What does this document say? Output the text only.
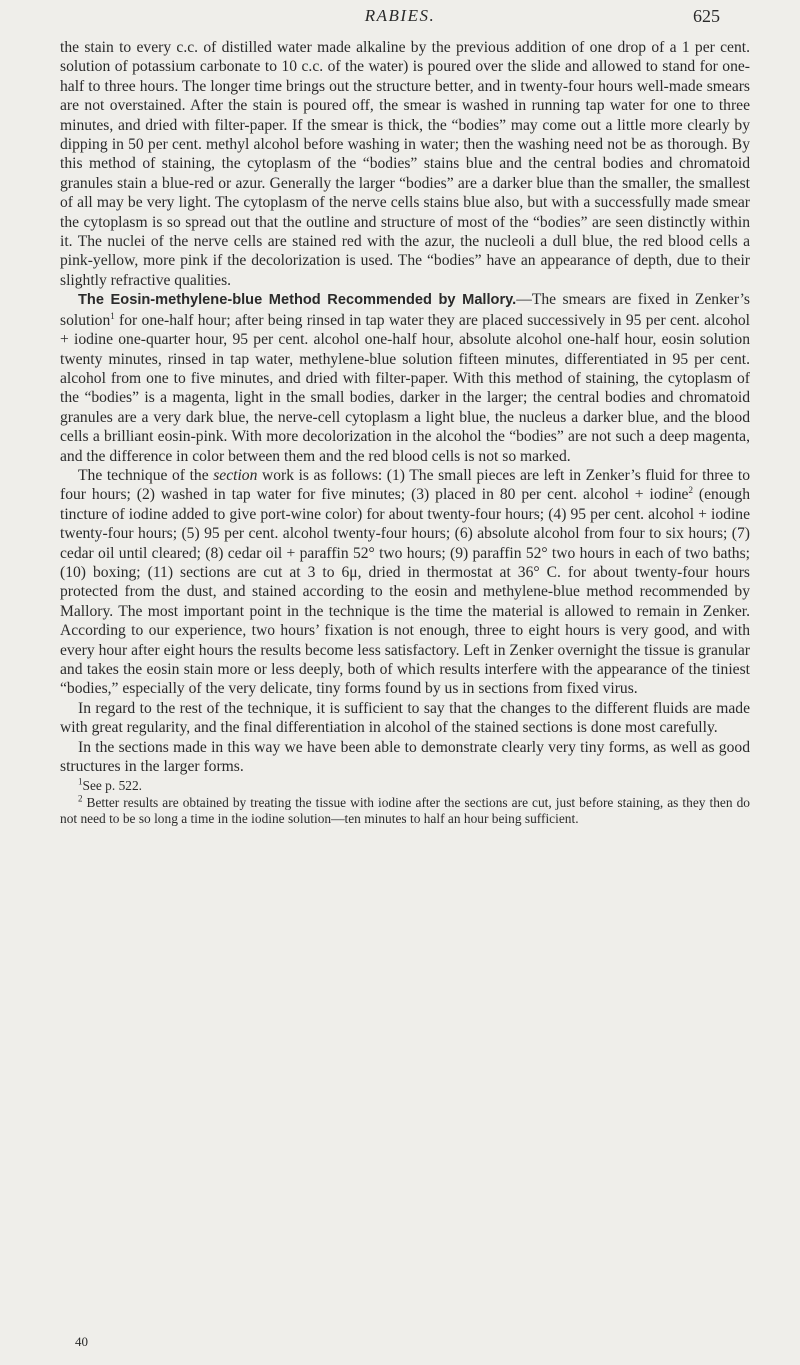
RABIES.	625

the stain to every c.c. of distilled water made alkaline by the previous addition of one drop of a 1 per cent. solution of potassium carbonate to 10 c.c. of the water) is poured over the slide and allowed to stand for one-half to three hours. The longer time brings out the structure better, and in twenty-four hours well-made smears are not overstained. After the stain is poured off, the smear is washed in running tap water for one to three minutes, and dried with filter-paper. If the smear is thick, the “bodies” may come out a little more clearly by dipping in 50 per cent. methyl alcohol before washing in water; then the washing need not be as thorough. By this method of staining, the cytoplasm of the “bodies” stains blue and the central bodies and chromatoid granules stain a blue-red or azur. Generally the larger “bodies” are a darker blue than the smaller, the smallest of all may be very light. The cytoplasm of the nerve cells stains blue also, but with a successfully made smear the cytoplasm is so spread out that the outline and structure of most of the “bodies” are seen distinctly within it. The nuclei of the nerve cells are stained red with the azur, the nucleoli a dull blue, the red blood cells a pink-yellow, more pink if the decolorization is used. The “bodies” have an appearance of depth, due to their slightly refractive qualities.

The Eosin-methylene-blue Method Recommended by Mallory.—The smears are fixed in Zenker’s solution$^1$ for one-half hour; after being rinsed in tap water they are placed successively in 95 per cent. alcohol + iodine one-quarter hour, 95 per cent. alcohol one-half hour, absolute alcohol one-half hour, eosin solution twenty minutes, rinsed in tap water, methylene-blue solution fifteen minutes, differentiated in 95 per cent. alcohol from one to five minutes, and dried with filter-paper. With this method of staining, the cytoplasm of the “bodies” is a magenta, light in the small bodies, darker in the larger; the central bodies and chromatoid granules are a very dark blue, the nerve-cell cytoplasm a light blue, the nucleus a darker blue, and the blood cells a brilliant eosin-pink. With more decolorization in the alcohol the “bodies” are not such a deep magenta, and the difference in color between them and the red blood cells is not so marked.

The technique of the section work is as follows: (1) The small pieces are left in Zenker’s fluid for three to four hours; (2) washed in tap water for five minutes; (3) placed in 80 per cent. alcohol + iodine$^2$ (enough tincture of iodine added to give port-wine color) for about twenty-four hours; (4) 95 per cent. alcohol + iodine twenty-four hours; (5) 95 per cent. alcohol twenty-four hours; (6) absolute alcohol from four to six hours; (7) cedar oil until cleared; (8) cedar oil + paraffin 52° two hours; (9) paraffin 52° two hours in each of two baths; (10) boxing; (11) sections are cut at 3 to 6μ, dried in thermostat at 36° C. for about twenty-four hours protected from the dust, and stained according to the eosin and methylene-blue method recommended by Mallory. The most important point in the technique is the time the material is allowed to remain in Zenker. According to our experience, two hours’ fixation is not enough, three to eight hours is very good, and with every hour after eight hours the results become less satisfactory. Left in Zenker overnight the tissue is granular and takes the eosin stain more or less deeply, both of which results interfere with the appearance of the tiniest “bodies,” especially of the very delicate, tiny forms found by us in sections from fixed virus.

In regard to the rest of the technique, it is sufficient to say that the changes to the different fluids are made with great regularity, and the final differentiation in alcohol of the stained sections is done most carefully.

In the sections made in this way we have been able to demonstrate clearly very tiny forms, as well as good structures in the larger forms.

$^1$See p. 522.

$^2$ Better results are obtained by treating the tissue with iodine after the sections are cut, just before staining, as they then do not need to be so long a time in the iodine solution—ten minutes to half an hour being sufficient.

40
